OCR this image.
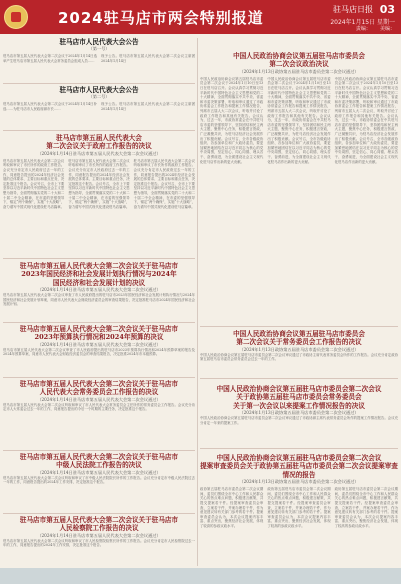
2024驻马店市两会特别报道	驻马店日报 03
2024年1月15日 星期一
责编：　　 美编：
驻马店市人民代表大会公告
（第一号）
驻马店市第五届人民代表大会第二次会议于2024年1月14日选举产生驻马店市第五届人民代表大会常务委员会组成人员……
现予公告。驻马店市第五届人民代表大会第二次会议主席团 2024年1月14日
驻马店市人民代表大会公告
（第二号）
驻马店市第五届人民代表大会第二次会议于2024年1月14日补选……为驻马店市人民政府副市长……
现予公告。驻马店市第五届人民代表大会第二次会议主席团 2024年1月14日
驻马店市第五届人民代表大会
第二次会议关于政府工作报告的决议
（2024年1月14日驻马店市第五届人民代表大会第二次会议通过）
驻马店市第五届人民代表大会第二次会议听取和审议了市长所作的政府工作报告。会议充分肯定市人民政府过去一年的工作，同意报告提出的2024年经济社会发展的总体要求、主要目标和重点任务，决定批准这个报告。会议号召，全市上下要坚持以习近平新时代中国特色社会主义思想为指导，全面贯彻落实党的二十大和二十届二中全会精神，在市委的坚强领导下，锚定“两个确保”，实施“十大战略”，奋力谱写中国式现代化建设驻马店篇章。
驻马店市第五届人民代表大会第二次会议听取和审议了市长所作的政府工作报告。会议充分肯定市人民政府过去一年的工作，同意报告提出的2024年经济社会发展的总体要求、主要目标和重点任务，决定批准这个报告。会议号召，全市上下要坚持以习近平新时代中国特色社会主义思想为指导，全面贯彻落实党的二十大和二十届二中全会精神，在市委的坚强领导下，锚定“两个确保”，实施“十大战略”，奋力谱写中国式现代化建设驻马店篇章。
驻马店市第五届人民代表大会第二次会议听取和审议了市长所作的政府工作报告。会议充分肯定市人民政府过去一年的工作，同意报告提出的2024年经济社会发展的总体要求、主要目标和重点任务，决定批准这个报告。会议号召，全市上下要坚持以习近平新时代中国特色社会主义思想为指导，全面贯彻落实党的二十大和二十届二中全会精神，在市委的坚强领导下，锚定“两个确保”，实施“十大战略”，奋力谱写中国式现代化建设驻马店篇章。
驻马店市第五届人民代表大会第二次会议关于驻马店市
2023年国民经济和社会发展计划执行情况与2024年
国民经济和社会发展计划的决议
（2024年1月14日驻马店市第五届人民代表大会第二次会议通过）
驻马店市第五届人民代表大会第二次会议审查了市人民政府提出的驻马店市2023年国民经济和社会发展计划执行情况与2024年国民经济和社会发展计划草案，同意市人民代表大会财政经济委员会的审查结果报告，决定批准驻马店市2024年国民经济和社会发展计划。
驻马店市第五届人民代表大会第二次会议关于驻马店市
2023年预算执行情况和2024年预算的决议
（2024年1月14日驻马店市第五届人民代表大会第二次会议通过）
驻马店市第五届人民代表大会第二次会议审查了市人民政府提出的驻马店市2023年预算执行情况和2024年预算草案的报告及2024年预算草案，同意市人民代表大会财政经济委员会的审查结果报告，决定批准2024年市本级预算。
驻马店市第五届人民代表大会第二次会议关于驻马店市
人民代表大会常务委员会工作报告的决议
（2024年1月14日驻马店市第五届人民代表大会第二次会议通过）
驻马店市第五届人民代表大会第二次会议听取和审议了市人民代表大会常务委员会主任所作的常务委员会工作报告。会议充分肯定市人大常委会过去一年的工作，同意报告提出的今后一个时期的主要任务，决定批准这个报告。
驻马店市第五届人民代表大会第二次会议关于驻马店市
中级人民法院工作报告的决议
（2024年1月14日驻马店市第五届人民代表大会第二次会议通过）
驻马店市第五届人民代表大会第二次会议听取和审议了市中级人民法院院长所作的工作报告。会议充分肯定市中级人民法院过去一年的工作，同意报告提出的2024年工作安排，决定批准这个报告。
驻马店市第五届人民代表大会第二次会议关于驻马店市
人民检察院工作报告的决议
（2024年1月14日驻马店市第五届人民代表大会第二次会议通过）
驻马店市第五届人民代表大会第二次会议听取和审议了市人民检察院检察长所作的工作报告。会议充分肯定市人民检察院过去一年的工作，同意报告提出的2024年工作安排，决定批准这个报告。
中国人民政治协商会议第五届驻马店市委员会
第二次会议政治决议
（2024年1月13日政协第五届驻马店市委员会第二次会议通过）
中国人民政治协商会议第五届驻马店市委员会第二次会议于2024年1月10日至13日在驻马店召开。会议认真学习贯彻习近平新时代中国特色社会主义思想和党的二十大精神，全面贯彻落实中共中央、省委和市委决策部署，听取和审议通过了市政协常委会工作报告和提案工作情况报告，列席市五届人大二次会议，听取并讨论了政府工作报告和其他有关报告。会议认为，过去一年，市政协常委会在中共驻马店市委的坚强领导下，坚持团结和民主两大主题，聚焦中心任务，积极建言资政，广泛凝聚共识，为驻马店经济社会发展作出了积极贡献。会议号召，全市各级政协组织、各参加单位和广大政协委员，要更加紧密地团结在以习近平同志为核心的党中央周围，坚定信心、同心同德、埋头苦干、奋勇前进，为全面建设社会主义现代化驻马店作出新的更大贡献。
中国人民政治协商会议第五届驻马店市委员会第二次会议于2024年1月10日至13日在驻马店召开。会议认真学习贯彻习近平新时代中国特色社会主义思想和党的二十大精神，全面贯彻落实中共中央、省委和市委决策部署，听取和审议通过了市政协常委会工作报告和提案工作情况报告，列席市五届人大二次会议，听取并讨论了政府工作报告和其他有关报告。会议认为，过去一年，市政协常委会在中共驻马店市委的坚强领导下，坚持团结和民主两大主题，聚焦中心任务，积极建言资政，广泛凝聚共识，为驻马店经济社会发展作出了积极贡献。会议号召，全市各级政协组织、各参加单位和广大政协委员，要更加紧密地团结在以习近平同志为核心的党中央周围，坚定信心、同心同德、埋头苦干、奋勇前进，为全面建设社会主义现代化驻马店作出新的更大贡献。
中国人民政治协商会议第五届驻马店市委员会第二次会议于2024年1月10日至13日在驻马店召开。会议认真学习贯彻习近平新时代中国特色社会主义思想和党的二十大精神，全面贯彻落实中共中央、省委和市委决策部署，听取和审议通过了市政协常委会工作报告和提案工作情况报告，列席市五届人大二次会议，听取并讨论了政府工作报告和其他有关报告。会议认为，过去一年，市政协常委会在中共驻马店市委的坚强领导下，坚持团结和民主两大主题，聚焦中心任务，积极建言资政，广泛凝聚共识，为驻马店经济社会发展作出了积极贡献。会议号召，全市各级政协组织、各参加单位和广大政协委员，要更加紧密地团结在以习近平同志为核心的党中央周围，坚定信心、同心同德、埋头苦干、奋勇前进，为全面建设社会主义现代化驻马店作出新的更大贡献。
中国人民政治协商会议第五届驻马店市委员会
第二次会议关于常务委员会工作报告的决议
（2024年1月13日政协第五届驻马店市委员会第二次会议通过）
中国人民政治协商会议第五届驻马店市委员会第二次会议审议通过了市政协主席代表常务委员会所作的工作报告。会议充分肯定政协第五届驻马店市委员会常务委员会过去一年的工作。
中国人民政治协商会议第五届驻马店市委员会第二次会议
关于政协第五届驻马店市委员会常务委员会
关于第一次会议以来提案工作情况报告的决议
（2024年1月13日政协第五届驻马店市委员会第二次会议通过）
中国人民政治协商会议第五届驻马店市委员会第二次会议审议通过了市政协副主席代表常务委员会所作的提案工作情况报告。会议充分肯定一年来的提案工作。
中国人民政治协商会议第五届驻马店市委员会第二次会议
提案审查委员会关于政协第五届驻马店市委员会第二次会议提案审查
情况的报告
（2024年1月13日政协第五届驻马店市委员会第二次会议通过）
政协第五届驻马店市委员会第二次会议期间，委员们围绕全市中心工作和人民群众关心的热点难点问题，积极建言献策，共提交提案若干件。经提案审查委员会审查，立案若干件，并案办理若干件，作为意见建议转有关部门参考的若干件。提案审查委员会认为，本次会议提案内容丰富、重点突出，聚焦经济社会发展，体现了较高的参政议政水平。
政协第五届驻马店市委员会第二次会议期间，委员们围绕全市中心工作和人民群众关心的热点难点问题，积极建言献策，共提交提案若干件。经提案审查委员会审查，立案若干件，并案办理若干件，作为意见建议转有关部门参考的若干件。提案审查委员会认为，本次会议提案内容丰富、重点突出，聚焦经济社会发展，体现了较高的参政议政水平。
政协第五届驻马店市委员会第二次会议期间，委员们围绕全市中心工作和人民群众关心的热点难点问题，积极建言献策，共提交提案若干件。经提案审查委员会审查，立案若干件，并案办理若干件，作为意见建议转有关部门参考的若干件。提案审查委员会认为，本次会议提案内容丰富、重点突出，聚焦经济社会发展，体现了较高的参政议政水平。
